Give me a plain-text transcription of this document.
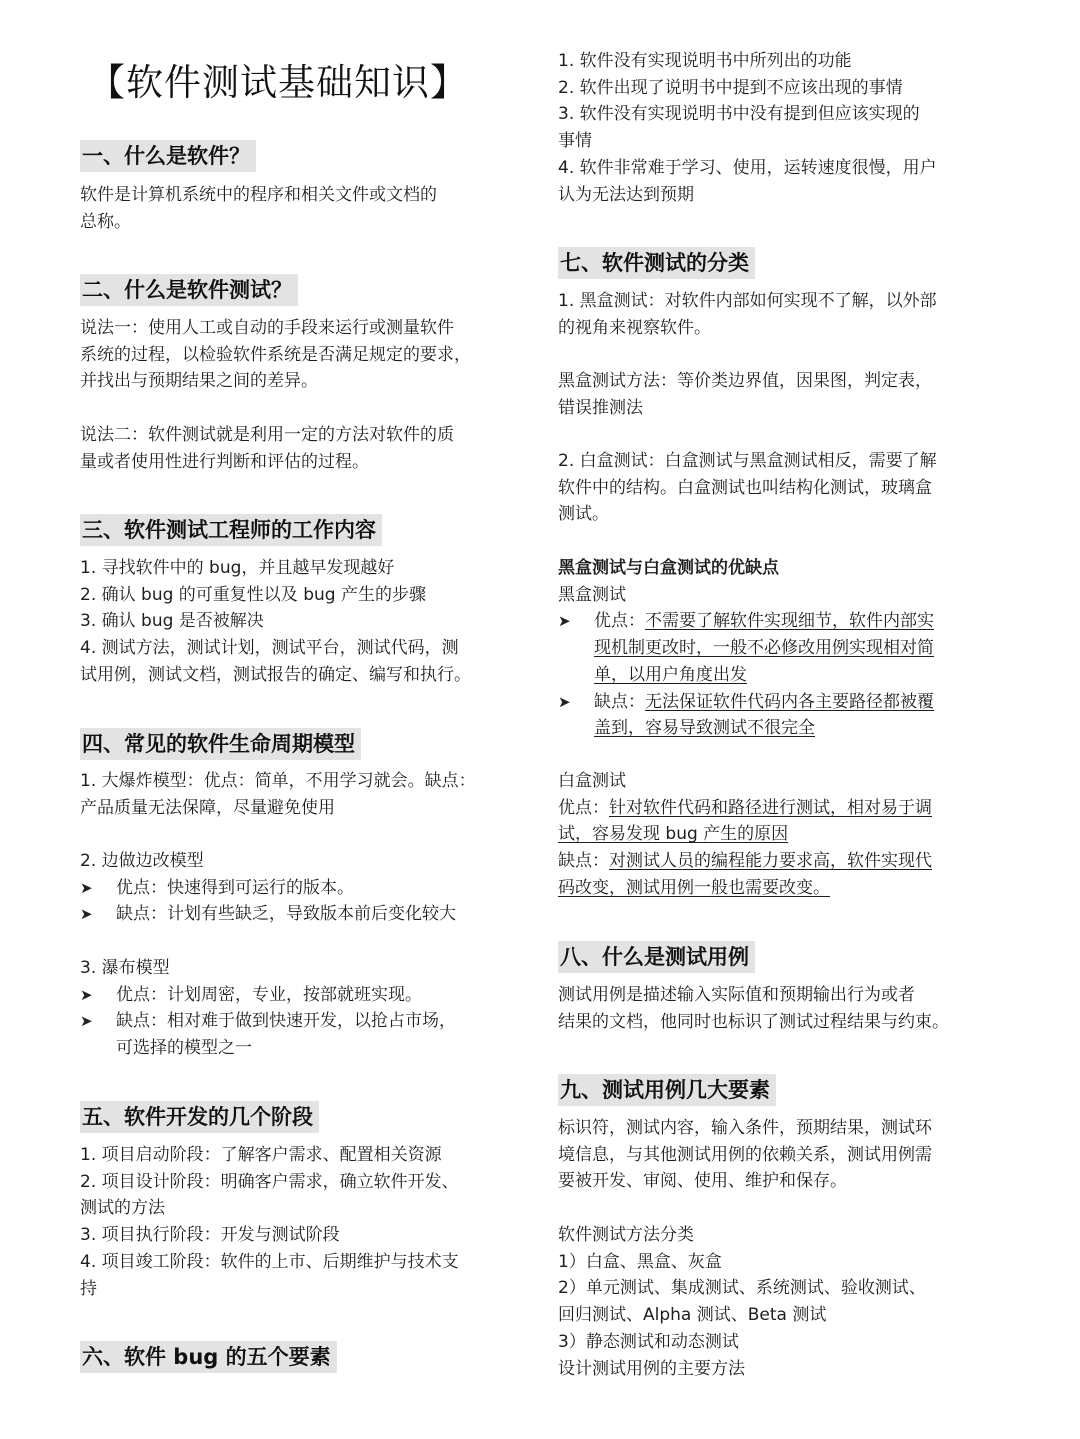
【软件测试基础知识】
一、什么是软件？
软件是计算机系统中的程序和相关文件或文档的
总称。
二、什么是软件测试？
说法一：使用人工或自动的手段来运行或测量软件
系统的过程，以检验软件系统是否满足规定的要求，
并找出与预期结果之间的差异。
说法二：软件测试就是利用一定的方法对软件的质
量或者使用性进行判断和评估的过程。
三、软件测试工程师的工作内容
1. 寻找软件中的 bug，并且越早发现越好
2. 确认 bug 的可重复性以及 bug 产生的步骤
3. 确认 bug 是否被解决
4. 测试方法，测试计划，测试平台，测试代码，测
试用例，测试文档，测试报告的确定、编写和执行。
四、常见的软件生命周期模型
1. 大爆炸模型：优点：简单，不用学习就会。缺点：
产品质量无法保障，尽量避免使用
2. 边做边改模型
➤	优点：快速得到可运行的版本。
➤	缺点：计划有些缺乏，导致版本前后变化较大
3. 瀑布模型
➤	优点：计划周密，专业，按部就班实现。
➤	缺点：相对难于做到快速开发，以抢占市场，
可选择的模型之一
五、软件开发的几个阶段
1. 项目启动阶段：了解客户需求、配置相关资源
2. 项目设计阶段：明确客户需求，确立软件开发、
测试的方法
3. 项目执行阶段：开发与测试阶段
4. 项目竣工阶段：软件的上市、后期维护与技术支
持
六、软件 bug 的五个要素
1. 软件没有实现说明书中所列出的功能
2. 软件出现了说明书中提到不应该出现的事情
3. 软件没有实现说明书中没有提到但应该实现的
事情
4. 软件非常难于学习、使用，运转速度很慢，用户
认为无法达到预期
七、软件测试的分类
1. 黑盒测试：对软件内部如何实现不了解，以外部
的视角来视察软件。
黑盒测试方法：等价类边界值，因果图，判定表，
错误推测法
2. 白盒测试：白盒测试与黑盒测试相反，需要了解
软件中的结构。白盒测试也叫结构化测试，玻璃盒
测试。
黑盒测试与白盒测试的优缺点
黑盒测试
➤	优点：不需要了解软件实现细节，软件内部实
现机制更改时，一般不必修改用例实现相对简
单，以用户角度出发
➤	缺点：无法保证软件代码内各主要路径都被覆
盖到，容易导致测试不很完全
白盒测试
优点：针对软件代码和路径进行测试，相对易于调
试，容易发现 bug 产生的原因
缺点：对测试人员的编程能力要求高，软件实现代
码改变，测试用例一般也需要改变。
八、什么是测试用例
测试用例是描述输入实际值和预期输出行为或者
结果的文档，他同时也标识了测试过程结果与约束。
九、测试用例几大要素
标识符，测试内容，输入条件，预期结果，测试环
境信息，与其他测试用例的依赖关系，测试用例需
要被开发、审阅、使用、维护和保存。
软件测试方法分类
1）白盒、黑盒、灰盒
2）单元测试、集成测试、系统测试、验收测试、
回归测试、Alpha 测试、Beta 测试
3）静态测试和动态测试
设计测试用例的主要方法
